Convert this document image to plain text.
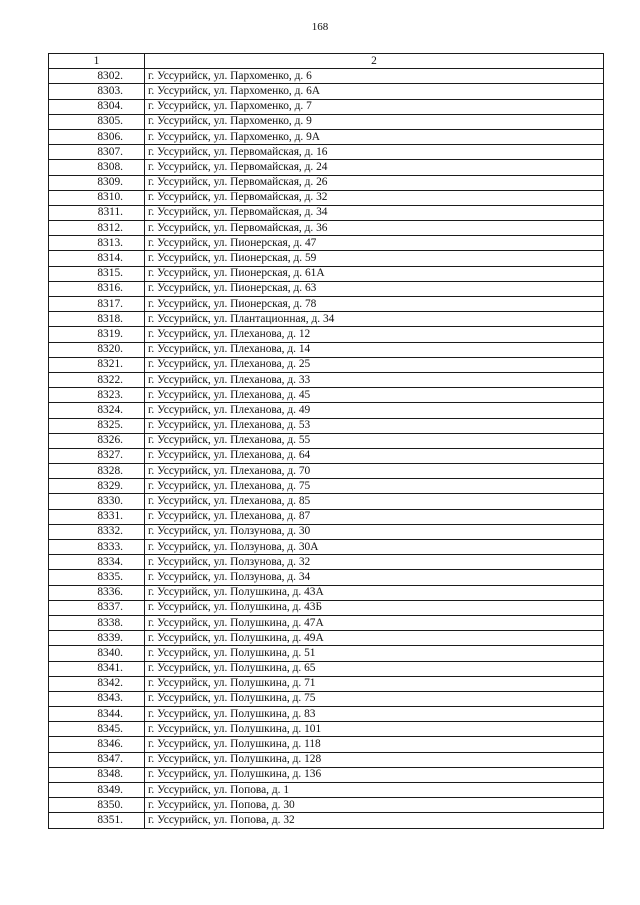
168
1	2
8302.	г. Уссурийск, ул. Пархоменко, д. 6
8303.	г. Уссурийск, ул. Пархоменко, д. 6А
8304.	г. Уссурийск, ул. Пархоменко, д. 7
8305.	г. Уссурийск, ул. Пархоменко, д. 9
8306.	г. Уссурийск, ул. Пархоменко, д. 9А
8307.	г. Уссурийск, ул. Первомайская, д. 16
8308.	г. Уссурийск, ул. Первомайская, д. 24
8309.	г. Уссурийск, ул. Первомайская, д. 26
8310.	г. Уссурийск, ул. Первомайская, д. 32
8311.	г. Уссурийск, ул. Первомайская, д. 34
8312.	г. Уссурийск, ул. Первомайская, д. 36
8313.	г. Уссурийск, ул. Пионерская, д. 47
8314.	г. Уссурийск, ул. Пионерская, д. 59
8315.	г. Уссурийск, ул. Пионерская, д. 61А
8316.	г. Уссурийск, ул. Пионерская, д. 63
8317.	г. Уссурийск, ул. Пионерская, д. 78
8318.	г. Уссурийск, ул. Плантационная, д. 34
8319.	г. Уссурийск, ул. Плеханова, д. 12
8320.	г. Уссурийск, ул. Плеханова, д. 14
8321.	г. Уссурийск, ул. Плеханова, д. 25
8322.	г. Уссурийск, ул. Плеханова, д. 33
8323.	г. Уссурийск, ул. Плеханова, д. 45
8324.	г. Уссурийск, ул. Плеханова, д. 49
8325.	г. Уссурийск, ул. Плеханова, д. 53
8326.	г. Уссурийск, ул. Плеханова, д. 55
8327.	г. Уссурийск, ул. Плеханова, д. 64
8328.	г. Уссурийск, ул. Плеханова, д. 70
8329.	г. Уссурийск, ул. Плеханова, д. 75
8330.	г. Уссурийск, ул. Плеханова, д. 85
8331.	г. Уссурийск, ул. Плеханова, д. 87
8332.	г. Уссурийск, ул. Ползунова, д. 30
8333.	г. Уссурийск, ул. Ползунова, д. 30А
8334.	г. Уссурийск, ул. Ползунова, д. 32
8335.	г. Уссурийск, ул. Ползунова, д. 34
8336.	г. Уссурийск, ул. Полушкина, д. 43А
8337.	г. Уссурийск, ул. Полушкина, д. 43Б
8338.	г. Уссурийск, ул. Полушкина, д. 47А
8339.	г. Уссурийск, ул. Полушкина, д. 49А
8340.	г. Уссурийск, ул. Полушкина, д. 51
8341.	г. Уссурийск, ул. Полушкина, д. 65
8342.	г. Уссурийск, ул. Полушкина, д. 71
8343.	г. Уссурийск, ул. Полушкина, д. 75
8344.	г. Уссурийск, ул. Полушкина, д. 83
8345.	г. Уссурийск, ул. Полушкина, д. 101
8346.	г. Уссурийск, ул. Полушкина, д. 118
8347.	г. Уссурийск, ул. Полушкина, д. 128
8348.	г. Уссурийск, ул. Полушкина, д. 136
8349.	г. Уссурийск, ул. Попова, д. 1
8350.	г. Уссурийск, ул. Попова, д. 30
8351.	г. Уссурийск, ул. Попова, д. 32
